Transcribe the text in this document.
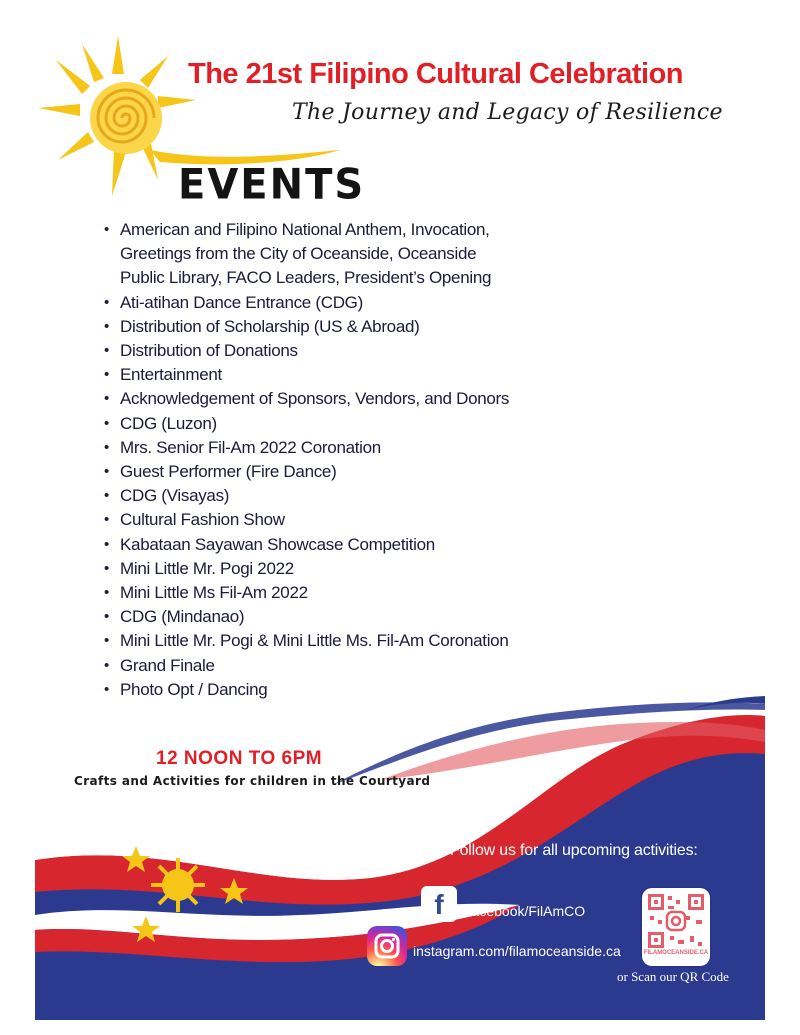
The 21st Filipino Cultural Celebration

The Journey and Legacy of Resilience

EVENTS
• American and Filipino National Anthem, Invocation,
Greetings from the City of Oceanside, Oceanside
Public Library, FACO Leaders, President’s Opening
• Ati-atihan Dance Entrance (CDG)
• Distribution of Scholarship (US & Abroad)
• Distribution of Donations
• Entertainment
• Acknowledgement of Sponsors, Vendors, and Donors
• CDG (Luzon)
• Mrs. Senior Fil-Am 2022 Coronation
• Guest Performer (Fire Dance)
• CDG (Visayas)
• Cultural Fashion Show
• Kabataan Sayawan Showcase Competition
• Mini Little Mr. Pogi 2022
• Mini Little Ms Fil-Am 2022
• CDG (Mindanao)
• Mini Little Mr. Pogi & Mini Little Ms. Fil-Am Coronation
• Grand Finale
• Photo Opt / Dancing

12 NOON TO 6PM

Crafts and Activities for children in the Courtyard

Follow us for all upcoming activities:

f	Facebook/FilAmCO

instagram.com/filamoceanside.ca	FILAMOCEANSIDE.CA

or Scan our QR Code
